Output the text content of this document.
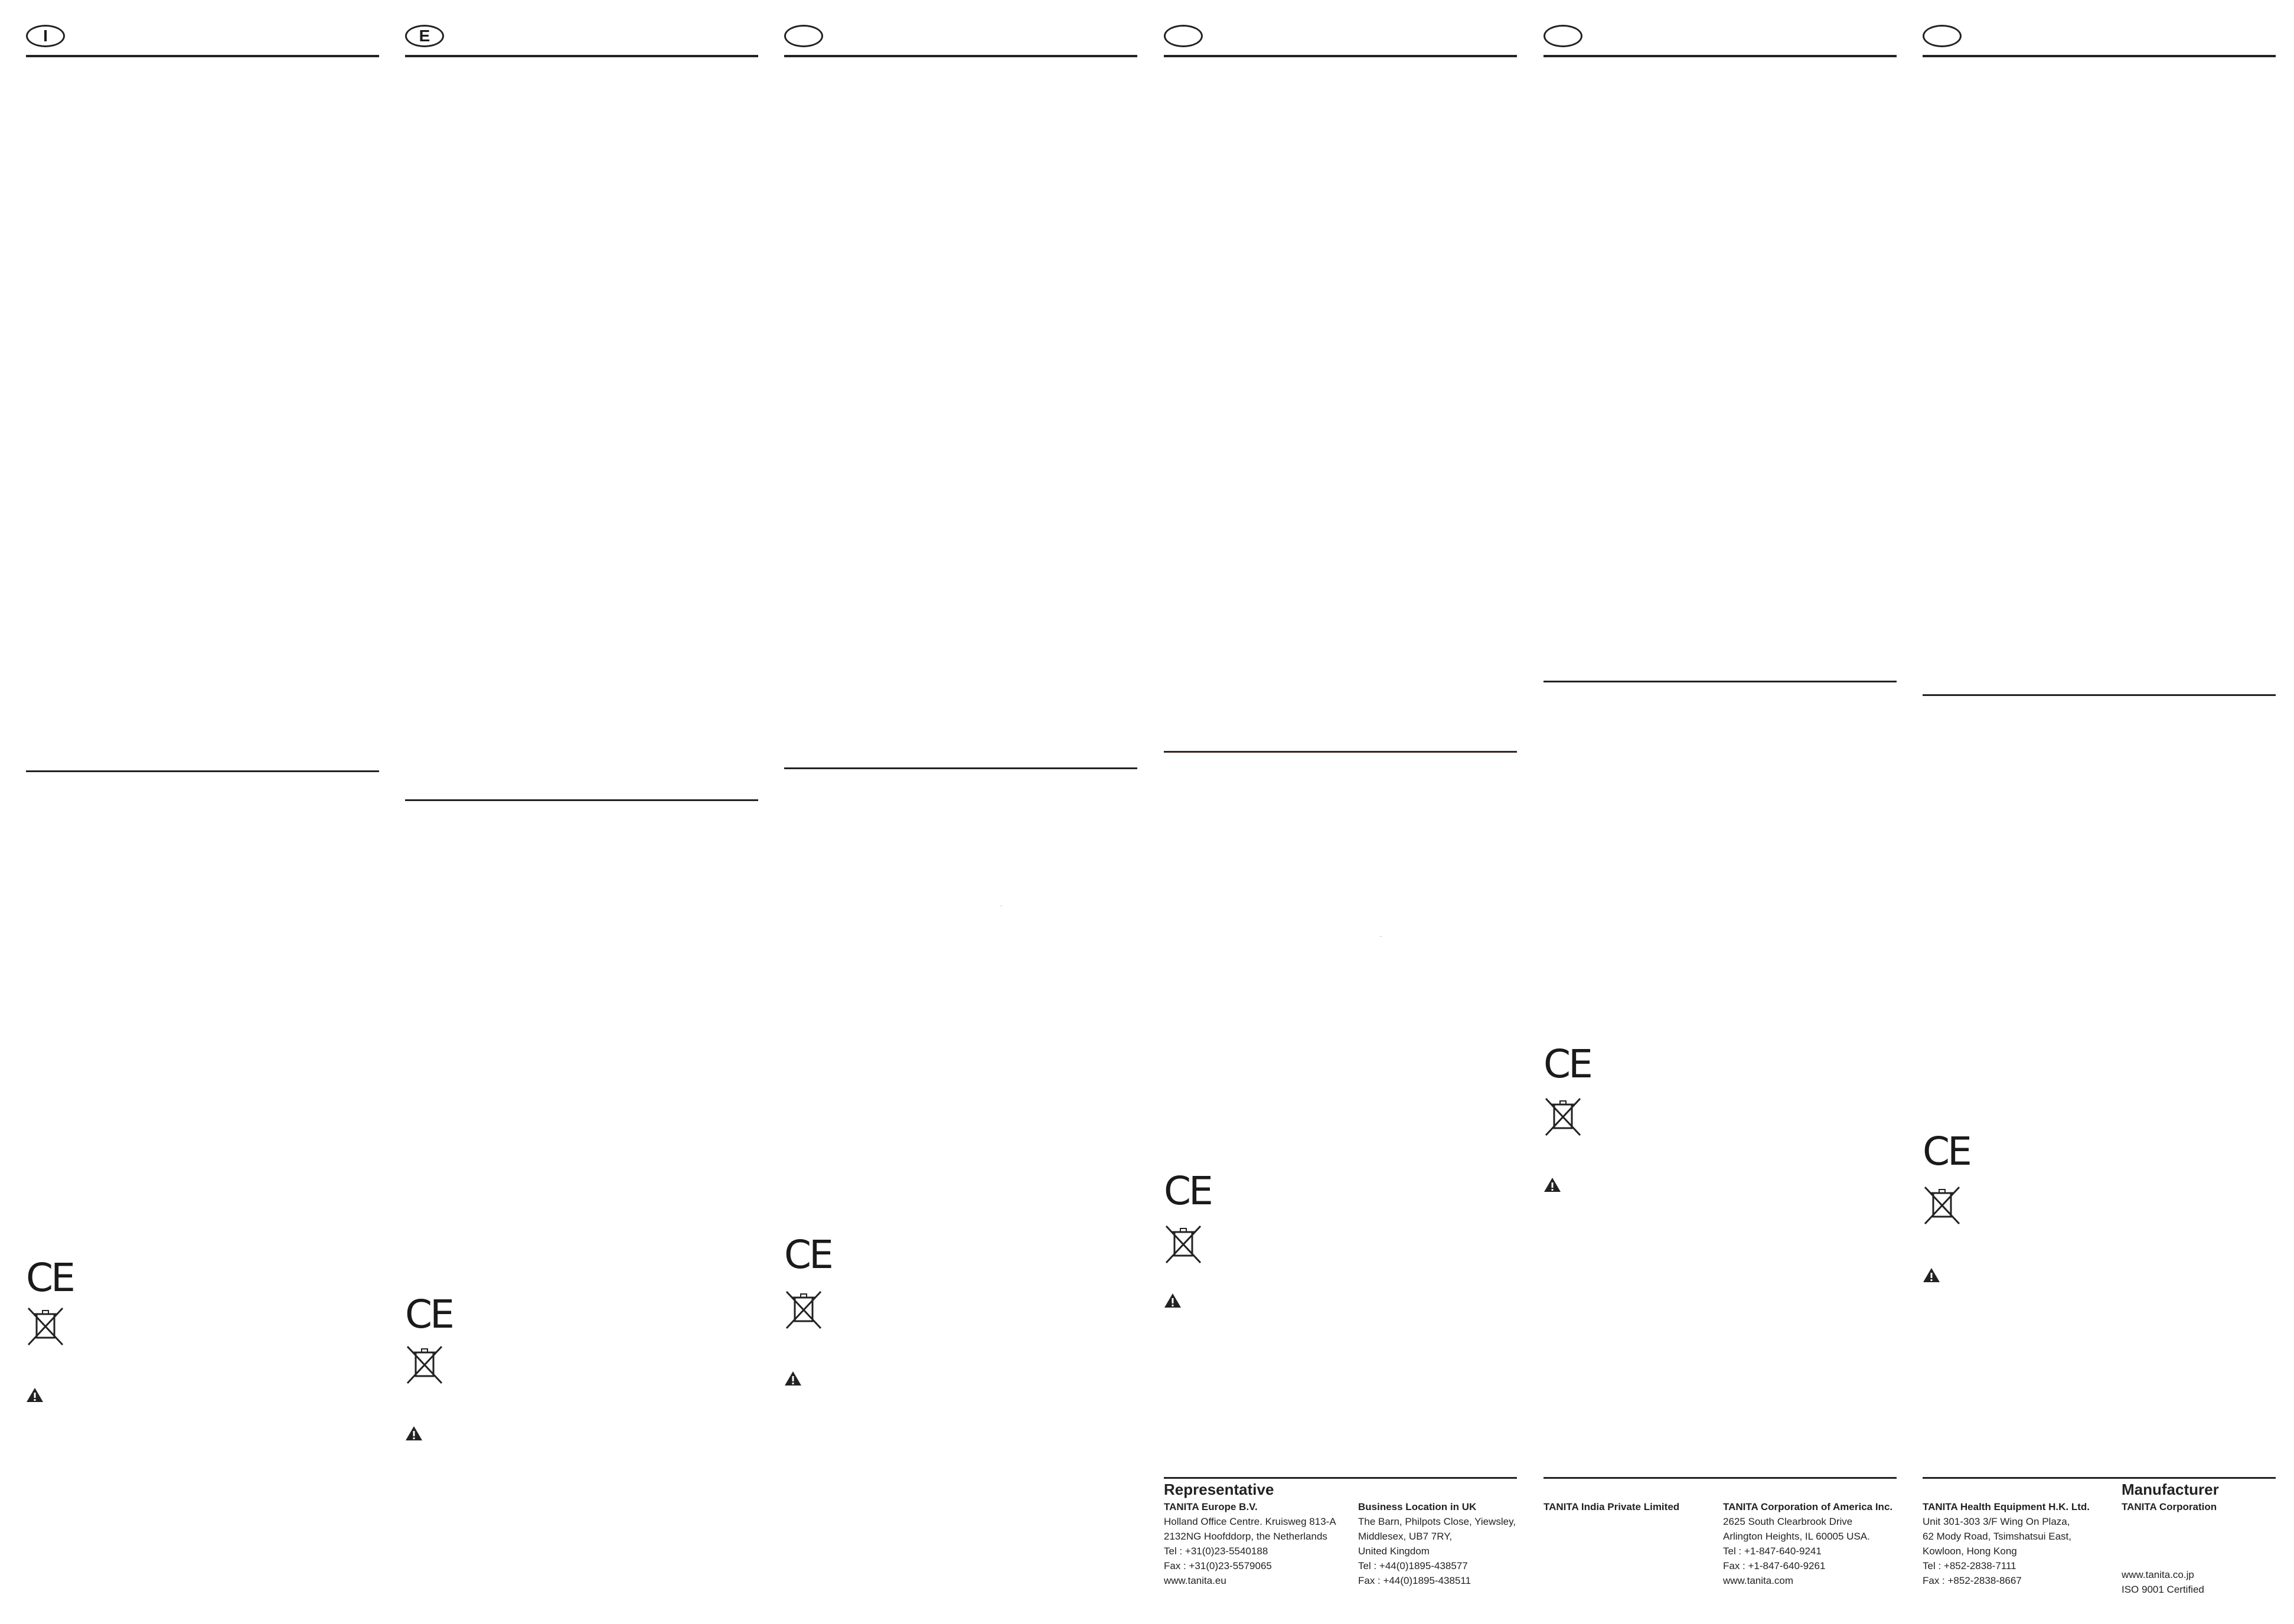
I
CE
E
CE
·
CE
·
CE
CE
CE
Representative
TANITA Europe B.V.
Holland Office Centre. Kruisweg 813-A
2132NG Hoofddorp, the Netherlands
Tel : +31(0)23-5540188
Fax : +31(0)23-5579065
www.tanita.eu
Business Location in UK
The Barn, Philpots Close, Yiewsley,
Middlesex, UB7 7RY,
United Kingdom
Tel : +44(0)1895-438577
Fax : +44(0)1895-438511
TANITA India Private Limited	TANITA Corporation of America Inc.
2625 South Clearbrook Drive
Arlington Heights, IL 60005 USA.
Tel : +1-847-640-9241
Fax : +1-847-640-9261
www.tanita.com
TANITA Health Equipment H.K. Ltd.
Unit 301-303 3/F Wing On Plaza,
62 Mody Road, Tsimshatsui East,
Kowloon, Hong Kong
Tel : +852-2838-7111
Fax : +852-2838-8667
Manufacturer
TANITA Corporation
www.tanita.co.jp
ISO 9001 Certified
